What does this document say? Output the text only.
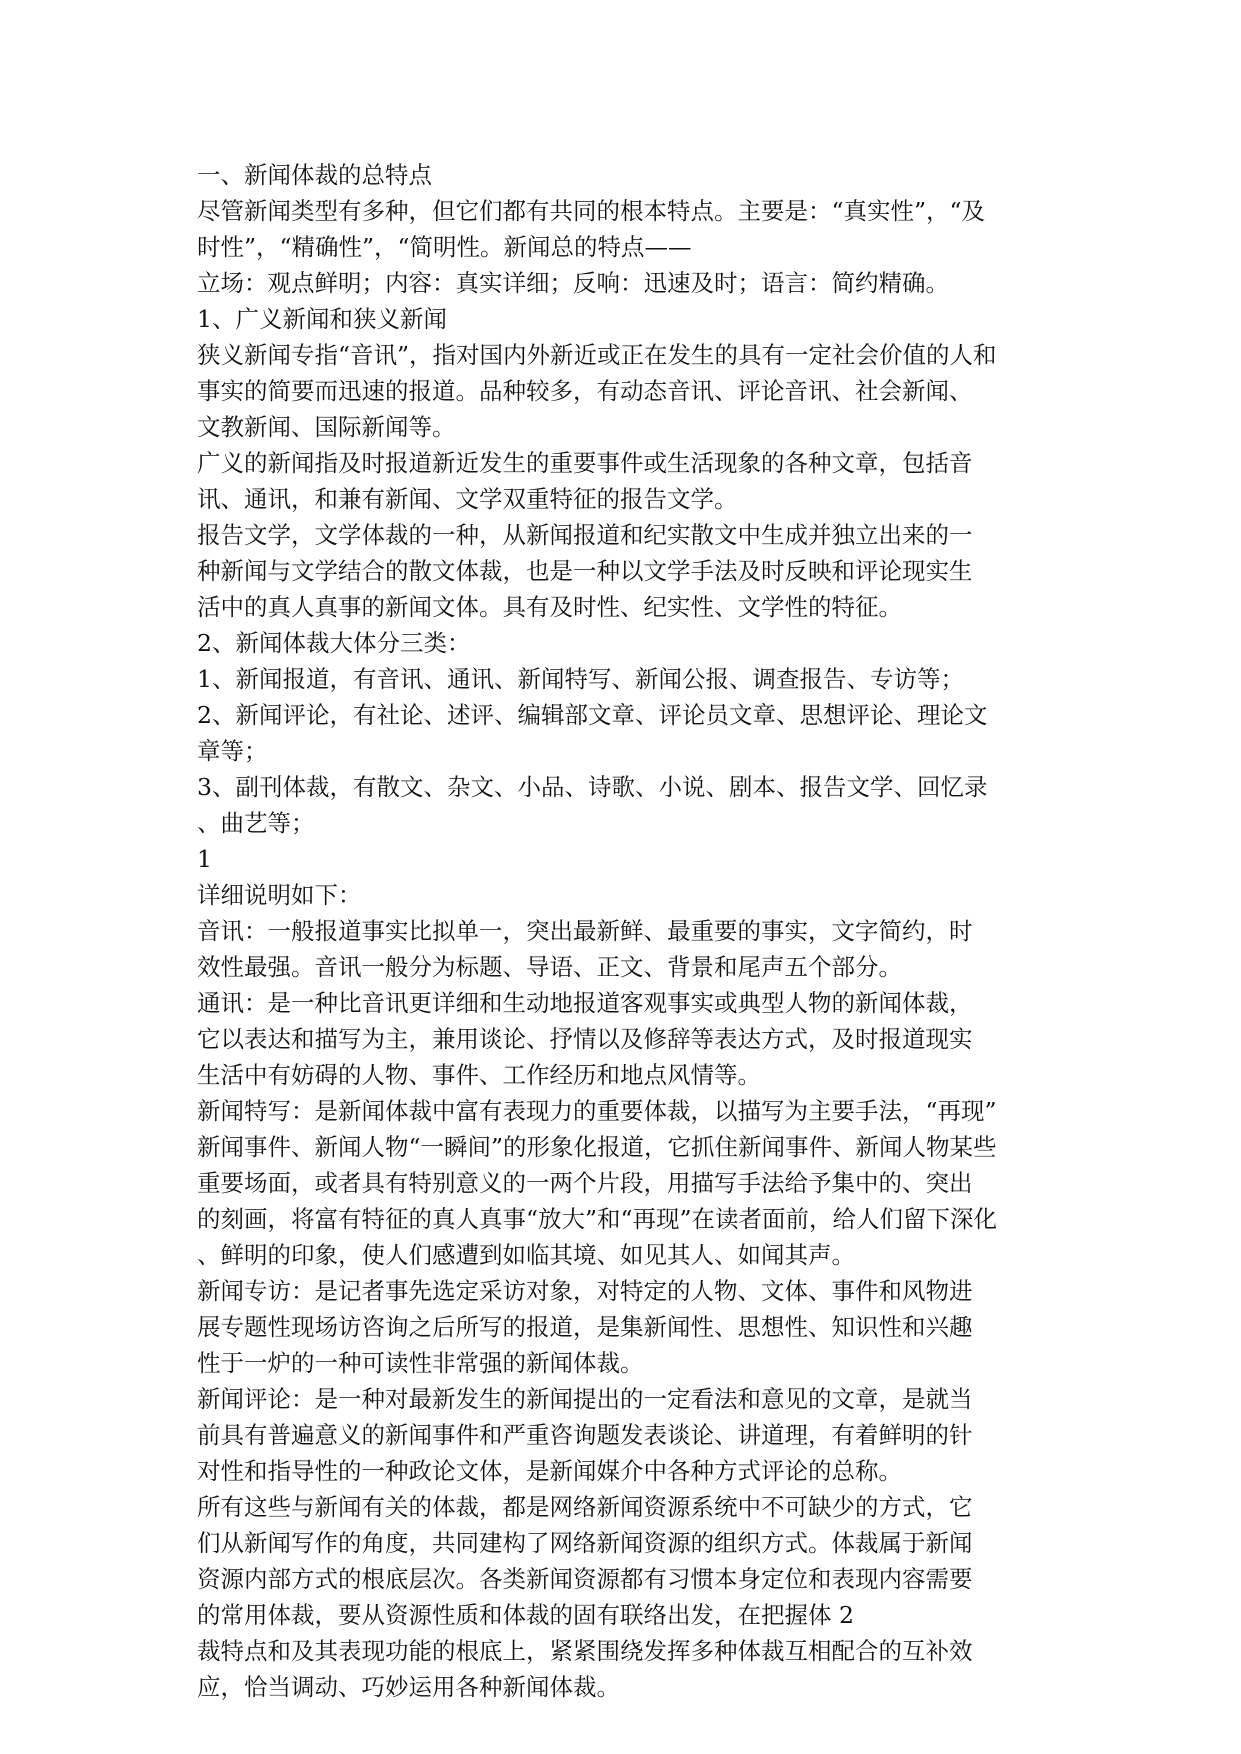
一、新闻体裁的总特点
尽管新闻类型有多种，但它们都有共同的根本特点。主要是：“真实性”，“及
时性”，“精确性”，“简明性。新闻总的特点——
立场：观点鲜明；内容：真实详细；反响：迅速及时；语言：简约精确。
1、广义新闻和狭义新闻
狭义新闻专指“音讯”，指对国内外新近或正在发生的具有一定社会价值的人和
事实的简要而迅速的报道。品种较多，有动态音讯、评论音讯、社会新闻、
文教新闻、国际新闻等。
广义的新闻指及时报道新近发生的重要事件或生活现象的各种文章，包括音
讯、通讯，和兼有新闻、文学双重特征的报告文学。
报告文学，文学体裁的一种，从新闻报道和纪实散文中生成并独立出来的一
种新闻与文学结合的散文体裁，也是一种以文学手法及时反映和评论现实生
活中的真人真事的新闻文体。具有及时性、纪实性、文学性的特征。
2、新闻体裁大体分三类：
1、新闻报道，有音讯、通讯、新闻特写、新闻公报、调查报告、专访等；
2、新闻评论，有社论、述评、编辑部文章、评论员文章、思想评论、理论文
章等；
3、副刊体裁，有散文、杂文、小品、诗歌、小说、剧本、报告文学、回忆录
、曲艺等；
1
详细说明如下：
音讯：一般报道事实比拟单一，突出最新鲜、最重要的事实，文字简约，时
效性最强。音讯一般分为标题、导语、正文、背景和尾声五个部分。
通讯：是一种比音讯更详细和生动地报道客观事实或典型人物的新闻体裁，
它以表达和描写为主，兼用谈论、抒情以及修辞等表达方式，及时报道现实
生活中有妨碍的人物、事件、工作经历和地点风情等。
新闻特写：是新闻体裁中富有表现力的重要体裁，以描写为主要手法，“再现”
新闻事件、新闻人物“一瞬间”的形象化报道，它抓住新闻事件、新闻人物某些
重要场面，或者具有特别意义的一两个片段，用描写手法给予集中的、突出
的刻画，将富有特征的真人真事“放大”和“再现”在读者面前，给人们留下深化
、鲜明的印象，使人们感遭到如临其境、如见其人、如闻其声。
新闻专访：是记者事先选定采访对象，对特定的人物、文体、事件和风物进
展专题性现场访咨询之后所写的报道，是集新闻性、思想性、知识性和兴趣
性于一炉的一种可读性非常强的新闻体裁。
新闻评论：是一种对最新发生的新闻提出的一定看法和意见的文章，是就当
前具有普遍意义的新闻事件和严重咨询题发表谈论、讲道理，有着鲜明的针
对性和指导性的一种政论文体，是新闻媒介中各种方式评论的总称。
所有这些与新闻有关的体裁，都是网络新闻资源系统中不可缺少的方式，它
们从新闻写作的角度，共同建构了网络新闻资源的组织方式。体裁属于新闻
资源内部方式的根底层次。各类新闻资源都有习惯本身定位和表现内容需要
的常用体裁，要从资源性质和体裁的固有联络出发，在把握体 2
裁特点和及其表现功能的根底上，紧紧围绕发挥多种体裁互相配合的互补效
应，恰当调动、巧妙运用各种新闻体裁。
